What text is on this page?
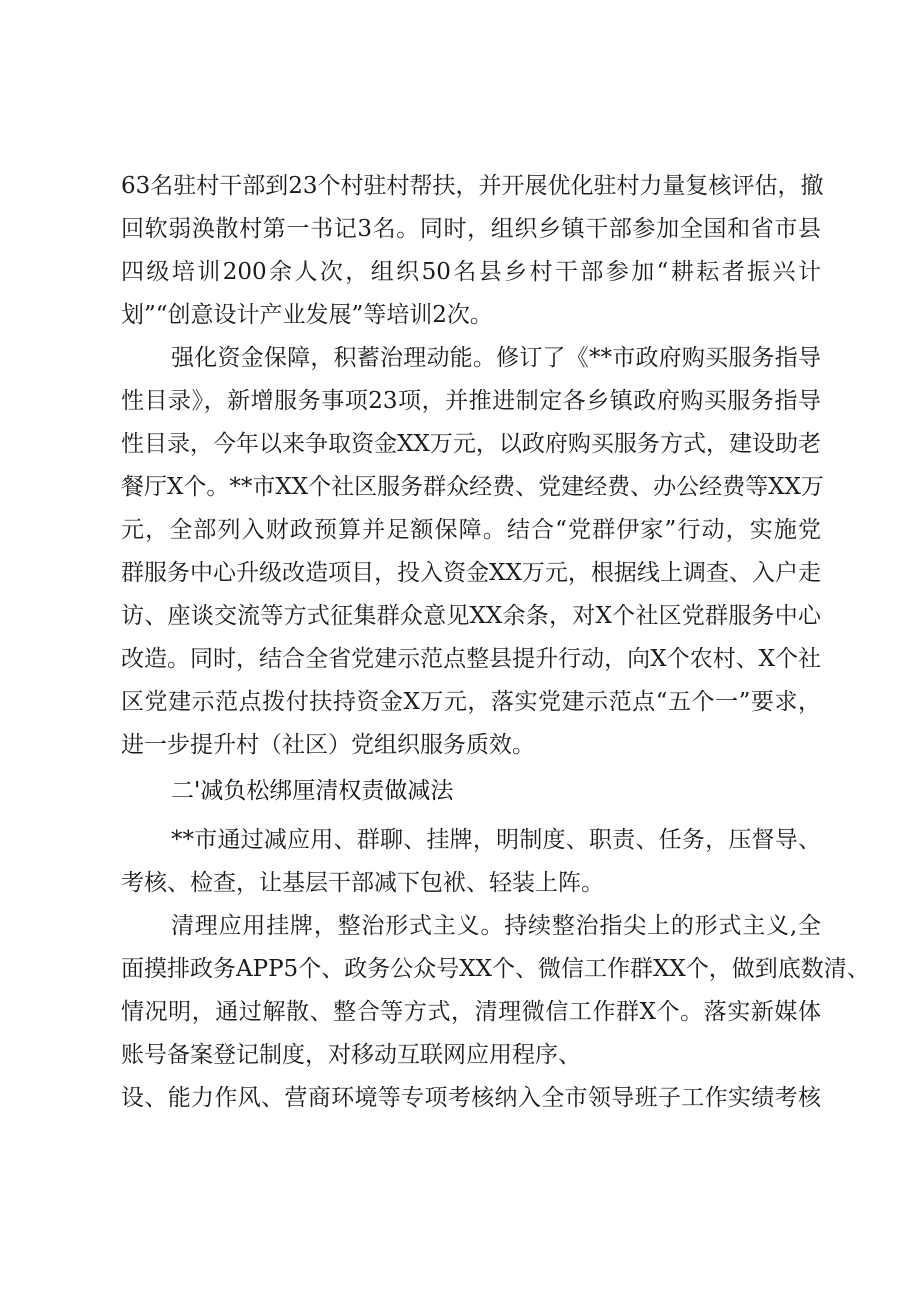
63名驻村干部到23个村驻村帮扶，并开展优化驻村力量复核评估，撤
回软弱涣散村第一书记3名。同时，组织乡镇干部参加全国和省市县
四级培训200余人次，组织50名县乡村干部参加“耕耘者振兴计
划”“创意设计产业发展”等培训2次。
强化资金保障，积蓄治理动能。修订了《**市政府购买服务指导
性目录》，新增服务事项23项，并推进制定各乡镇政府购买服务指导
性目录，今年以来争取资金XX万元，以政府购买服务方式，建设助老
餐厅X个。**市XX个社区服务群众经费、党建经费、办公经费等XX万
元，全部列入财政预算并足额保障。结合“党群伊家”行动，实施党
群服务中心升级改造项目，投入资金XX万元，根据线上调查、入户走
访、座谈交流等方式征集群众意见XX余条，对X个社区党群服务中心
改造。同时，结合全省党建示范点整县提升行动，向X个农村、X个社
区党建示范点拨付扶持资金X万元，落实党建示范点“五个一”要求，
进一步提升村（社区）党组织服务质效。
二'减负松绑厘清权责做减法
**市通过减应用、群聊、挂牌，明制度、职责、任务，压督导、
考核、检查，让基层干部减下包袱、轻装上阵。
清理应用挂牌，整治形式主义。持续整治指尖上的形式主义,全
面摸排政务APP5个、政务公众号XX个、微信工作群XX个，做到底数清、
情况明，通过解散、整合等方式，清理微信工作群X个。落实新媒体
账号备案登记制度，对移动互联网应用程序、
设、能力作风、营商环境等专项考核纳入全市领导班子工作实绩考核
